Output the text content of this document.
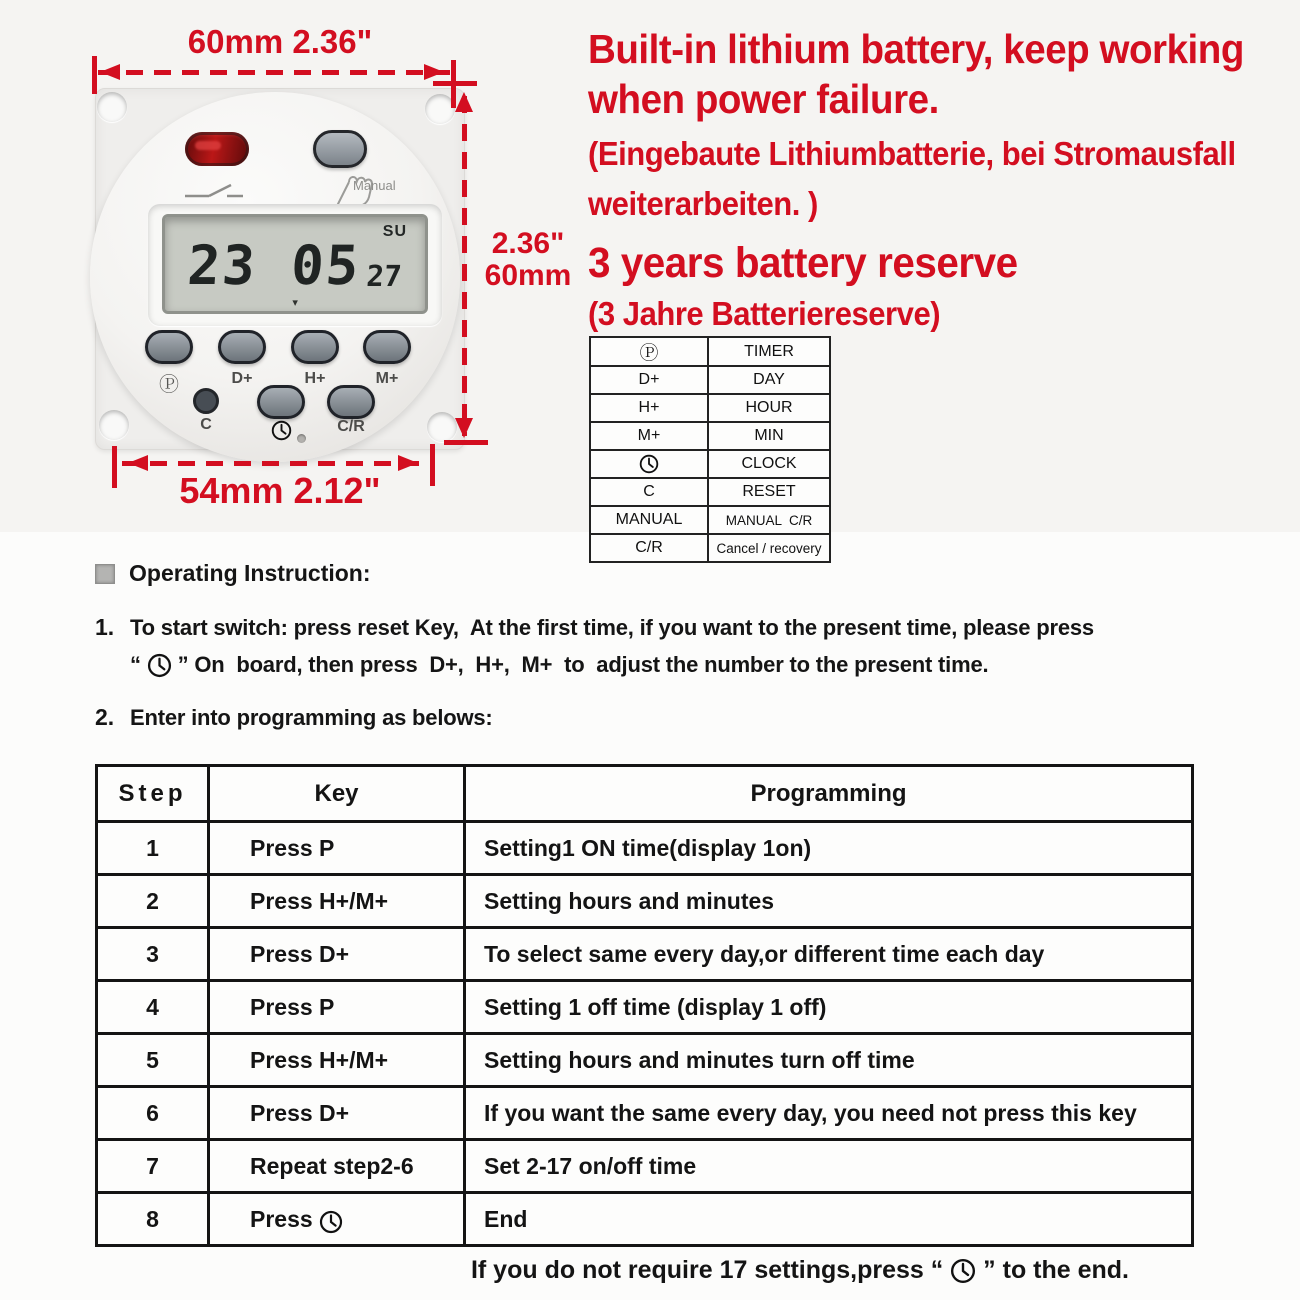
Manual
SU
23 05 27
▾
Ⓟ	D+	H+	M+
C	C/R
60mm 2.36"
2.36"
60mm
54mm 2.12"

Built-in lithium battery, keep working

when power failure.

(Eingebaute Lithiumbatterie, bei Stromausfall

weiterarbeiten. )

3 years battery reserve

(3 Jahre Batteriereserve)

Ⓟ	TIMER
D+	DAY
H+	HOUR
M+	MIN
	CLOCK
C	RESET
MANUAL	MANUAL  C/R
C/R	Cancel / recovery
Operating Instruction:
1. To start switch: press reset Key,  At the first time, if you want to the present time, please press
“ ” On  board, then press  D+,  H+,  M+  to  adjust the number to the present time.
2. Enter into programming as belows:
Step	Key	Programming
1	Press P	Setting1 ON time(display 1on)
2	Press H+/M+	Setting hours and minutes
3	Press D+	To select same every day,or different time each day
4	Press P	Setting 1 off time (display 1 off)
5	Press H+/M+	Setting hours and minutes turn off time
6	Press D+	If you want the same every day, you need not press this key
7	Repeat step2-6	Set 2-17 on/off time
8	Press	End
If you do not require 17 settings,press “ ” to the end.
